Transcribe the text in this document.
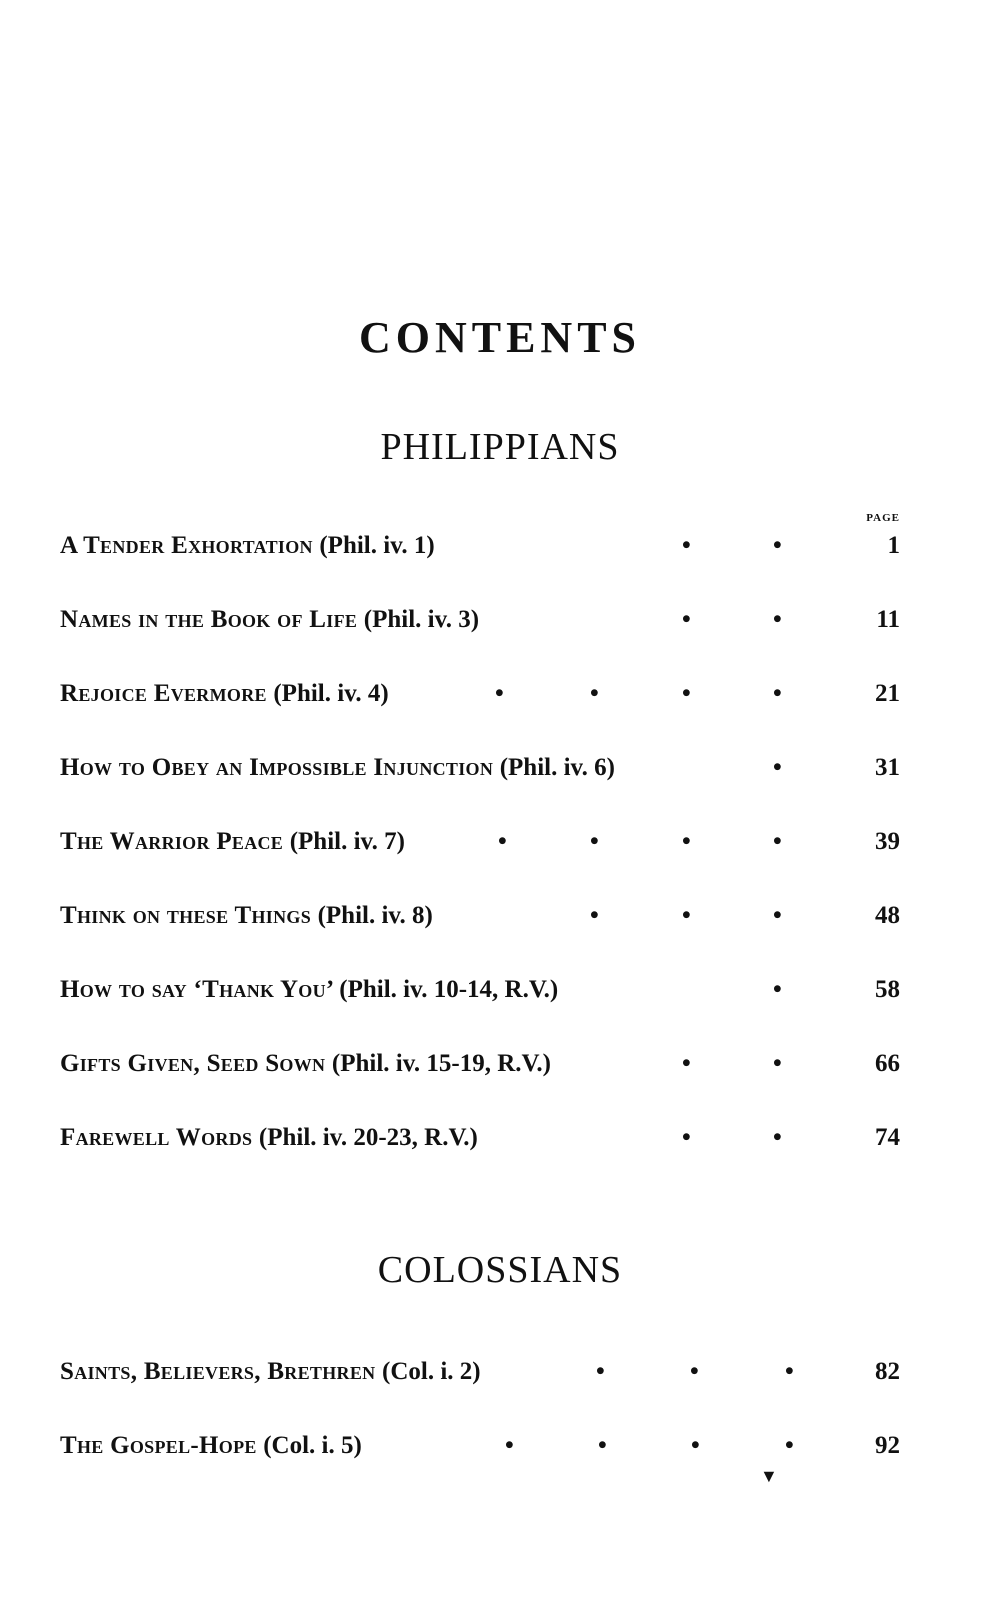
CONTENTS
PHILIPPIANS
PAGE
A Tender Exhortation (Phil. iv. 1)	•	•	1
Names in the Book of Life (Phil. iv. 3)	•	•	11
Rejoice Evermore (Phil. iv. 4)	•	•	•	•	21
How to Obey an Impossible Injunction (Phil. iv. 6)	•	31
The Warrior Peace (Phil. iv. 7)	•	•	•	•	39
Think on these Things (Phil. iv. 8)	•	•	•	48
How to say ‘Thank You’ (Phil. iv. 10-14, R.V.)	•	58
Gifts Given, Seed Sown (Phil. iv. 15-19, R.V.)	•	•	66
Farewell Words (Phil. iv. 20-23, R.V.)	•	•	74
COLOSSIANS
Saints, Believers, Brethren (Col. i. 2)	•	•	•	82
The Gospel-Hope (Col. i. 5)	•	•	•	•	92
▼
